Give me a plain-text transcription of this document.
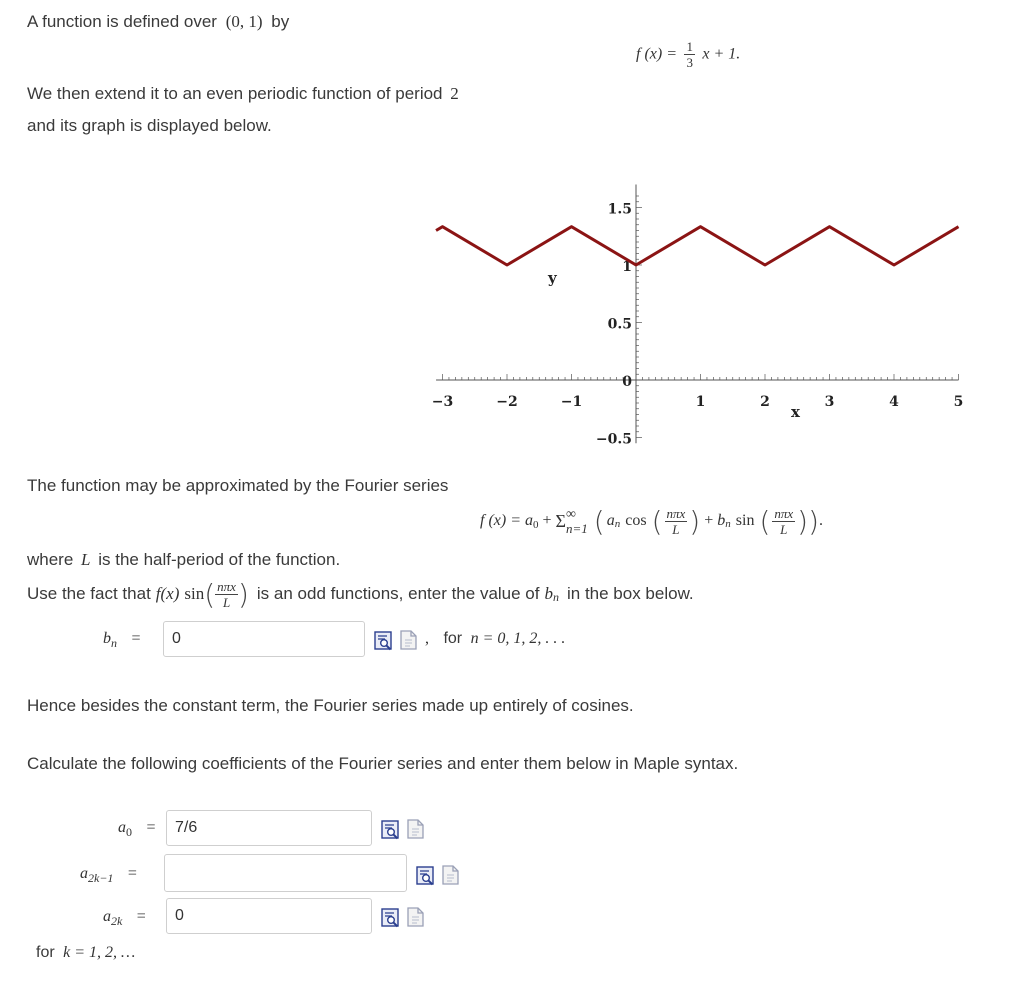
A function is defined over (0, 1) by
f $(x) = \frac{1}{3}$ x + 1.
We then extend it to an even periodic function of period 2
and its graph is displayed below.
−3	−2	−1	1	2	3	4	5
1.5
1
0.5
0
−0.5
y
x
The function may be approximated by the Fourier series
f $(x) = a_0 + \Sigma$ ∞
n=1 ( a n cos ( $\frac{\text{nπx}}{L}$ ) + b n sin ( $\frac{\text{nπx}}{L}$ ) ) .
where L is the half-period of the function.
Use the fact that f(x) sin ( $\frac{\text{nπx}}{L}$ ) is an odd functions, enter the value of b n in the box below.
$b_n$ =
0	, for n = 0, 1, 2, . . .
Hence besides the constant term, the Fourier series made up entirely of cosines.
Calculate the following coefficients of the Fourier series and enter them below in Maple syntax.
$a_0$ =
7/6
$a_{2k-1}$ =
$a_{2k}$ =
0
for k = 1, 2, …
